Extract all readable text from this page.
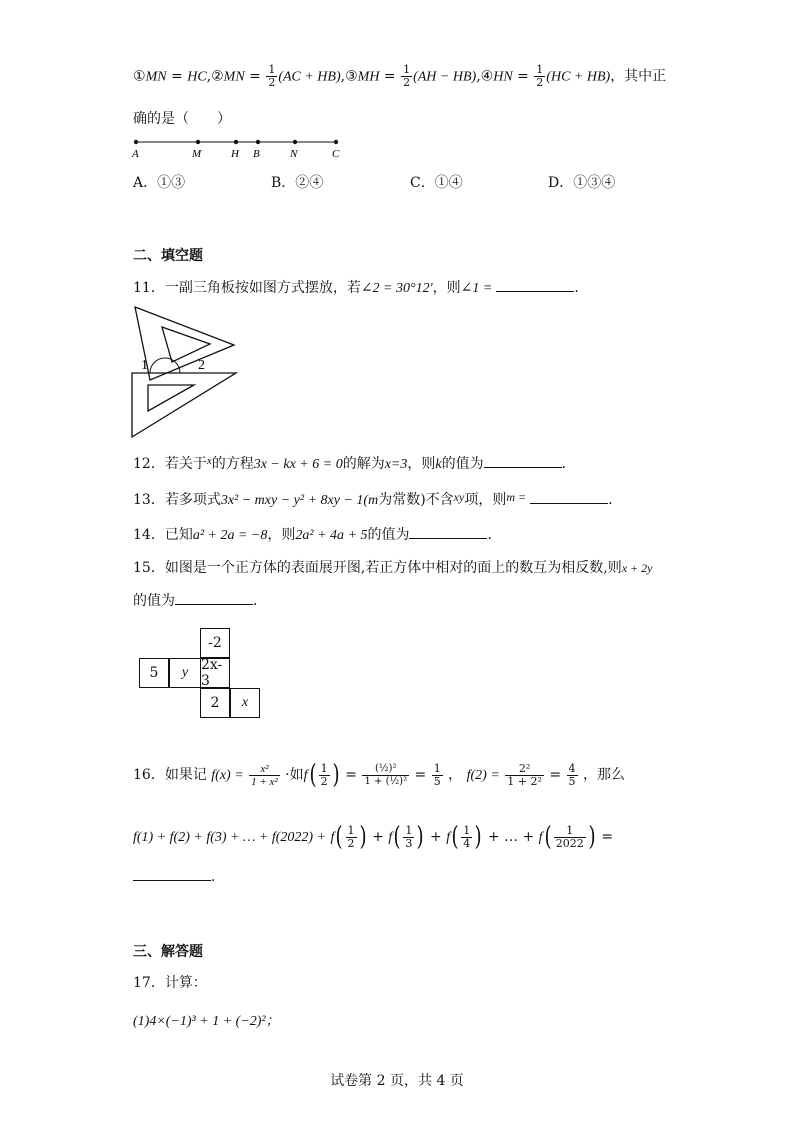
①MN = HC,②MN = $\frac{1}{2} (AC$ + HB),③MH = $\frac{1}{2} (AH$ − HB),④HN = $\frac{1}{2} (HC + HB)$，其中正
确的是（　　）
A	M	H B	N	C
A．①③	B．②④	C．①④	D．①③④
二、填空题
11．一副三角板按如图方式摆放，若∠2 = 30°12′，则∠1 =	．
1	2
12．若关于$^x$的方程3x − kx + 6 = 0的解为x=3，则k的值为	．
13．若多项式3x² − mxy − y² + 8xy − 1(m为常数)不含xy项，则m =	．
14．已知a² + 2a = −8，则2a² + 4a + 5的值为	．
15．如图是一个正方体的表面展开图,若正方体中相对的面上的数互为相反数,则x + 2y
的值为	．
-2
5	y 2x-3
2	x
16．如果记 $f(x) = \frac{\text{x²}}{\text{1 + x²}}$ ·如$f( \frac{1}{2}$ ) = $\frac{\text{(½)²}}{\text{1 + (½)²}} = \frac{1}{5}$ ， $f(2) = \frac{\text{2²}}{\text{1 + 2²}} = \frac{4}{5}$ ，那么
f(1) + f(2) + f(3) + … + $f(2022) + f( \frac{1}{2}$ ) + $f( \frac{1}{3}$ ) + $f( \frac{1}{4}$ ) + … + $f( \frac{1}{2022}$ ) =
．
三、解答题
17．计算：
(1)4×(−1)³ + 1 + (−2)²；
试卷第 2 页，共 4 页
